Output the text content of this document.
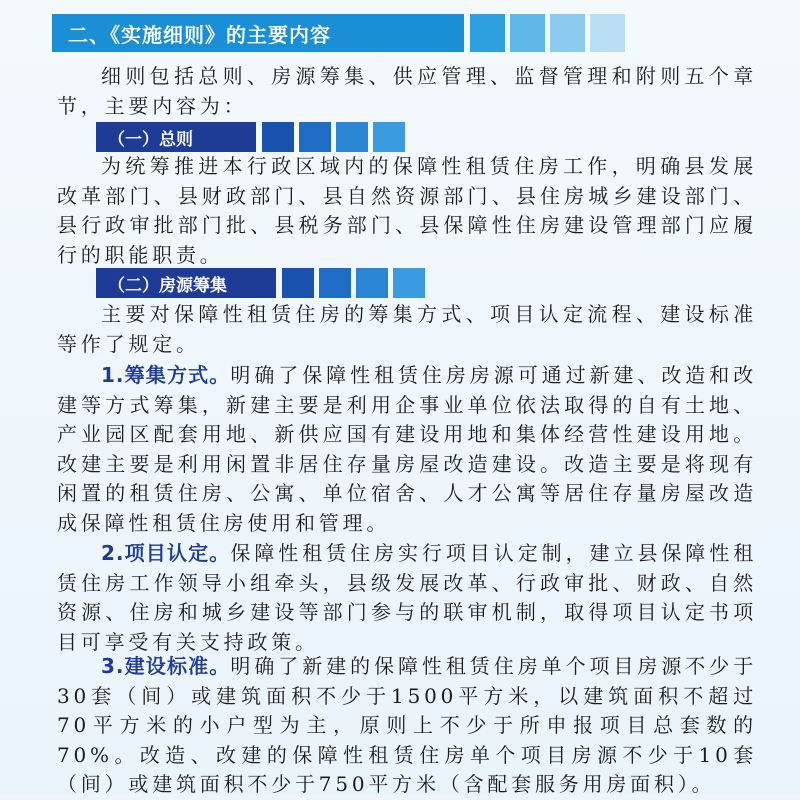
二、《实施细则》的主要内容

细则包括总则、房源筹集、供应管理、监督管理和附则五个章节，主要内容为：

（一）总则

为统筹推进本行政区域内的保障性租赁住房工作，明确县发展改革部门、县财政部门、县自然资源部门、县住房城乡建设部门、县行政审批部门批、县税务部门、县保障性住房建设管理部门应履行的职能职责。

（二）房源筹集

主要对保障性租赁住房的筹集方式、项目认定流程、建设标准等作了规定。

1.筹集方式。明确了保障性租赁住房房源可通过新建、改造和改建等方式筹集，新建主要是利用企事业单位依法取得的自有土地、产业园区配套用地、新供应国有建设用地和集体经营性建设用地。改建主要是利用闲置非居住存量房屋改造建设。改造主要是将现有闲置的租赁住房、公寓、单位宿舍、人才公寓等居住存量房屋改造成保障性租赁住房使用和管理。

2.项目认定。保障性租赁住房实行项目认定制，建立县保障性租赁住房工作领导小组牵头，县级发展改革、行政审批、财政、自然资源、住房和城乡建设等部门参与的联审机制，取得项目认定书项目可享受有关支持政策。

3.建设标准。明确了新建的保障性租赁住房单个项目房源不少于30套（间）或建筑面积不少于1500平方米，以建筑面积不超过70平方米的小户型为主，原则上不少于所申报项目总套数的70%。改造、改建的保障性租赁住房单个项目房源不少于10套（间）或建筑面积不少于750平方米（含配套服务用房面积）。
